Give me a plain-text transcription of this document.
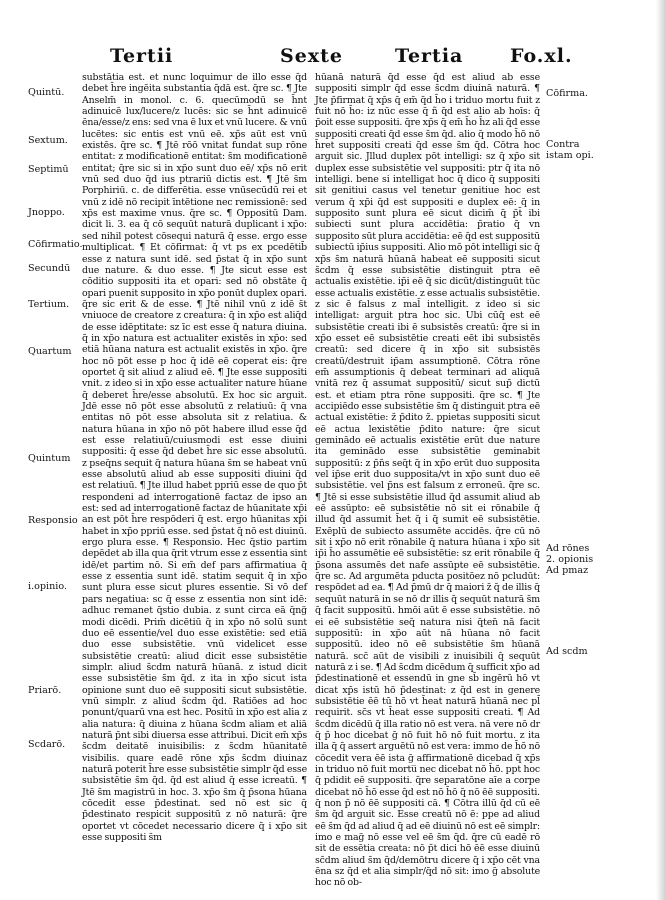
Tertii	Sexte	Tertia Fo.xl.
Quintū.
Sextum.
Septimū
Jnoppo.
Cōfirmatio.
Secundū
Tertium.
Quartum
Quintum
Responsio
i.opinio.
Priarō.
Scdarō.

substātia est. et nunc loquimur de illo esse q̄d debet h̄re ingēita substantia q̄dā est. q̄re sc. ¶ Jte Anselm̄ in monol. c. 6. quecūmodū se h̄nt adinuicē lux/lucere/z lucēs: sic se h̄nt adinuicē ēna/esse/z ens: sed vna ē lux et vnū lucere. & vnū lucētes: sic entis est vnū eē. xp̄s aūt est vnū existēs. q̄re sc. ¶ Jtē rōō vnitat fundat sup rōne entitat: z modificationē entitat: s̄m modificationē entitat; q̄re sic si in xp̄o sunt duo eē/ xp̄s nō erit vnū sed duo q̄d ius ptrariū dictis est. ¶ Jtē s̄m Porphiriū. c. de differētia. esse vnūsecūdū rei et vnū z idē nō recipit īntētione nec remissionē: sed xp̄s est maxime vnus. q̄re sc. ¶ Oppositū Dam. dicit li. 3. ea q̄ cō sequūt naturā duplicant i xp̄o: sed nihil potest cōsequi naturā q̄ esse. ergo esse multiplicat. ¶ Et cōfirmat: q̄ vt ps ex pcedētib̄ esse z natura sunt idē. sed p̄stat q̄ in xp̄o sunt due nature. & duo esse. ¶ Jte sicut esse est cōditio suppositi ita et opari: sed nō obstāte q̄ opari puenit supposito in xp̄o ponūt duplex opari. q̄re sic erit & de esse. ¶ Jtē nihil vnū z idē s̄t vniuoce de creatore z creatura: q̄ in xp̄o est aliq̄d de esse idēptitate: sz īc est esse q̄ natura diuina. q̄ in xp̄o natura est actualiter existēs in xp̄o: sed etiā hūana natura est actualit existēs in xp̄o. q̄re hoc nō pōt esse p hoc q̄ idē eē coperat eis: q̄re oportet q̄ sit aliud z aliud eē. ¶ Jte esse suppositi vnit. z ideo si in xp̄o esse actualiter nature hūane q̄ deberet h̄re/esse absolutū. Ex hoc sic arguit. Jdē esse nō pōt esse absolutū z relatiuū: q̄ vna entitas nō pōt esse absoluta sit z relatiua. & natura hūana in xp̄o nō pōt habere illud esse q̄d est esse relatiuū/cuiusmodi est esse diuini suppositi: q̄ esse q̄d debet h̄re sic esse absolutū. z pseq̄ns sequit q̄ natura hūana s̄m se habeat vnū esse absolutū aliud ab esse suppositi diuini q̄d est relatiuū. ¶ Jte illud habet ppriū esse de quo p̄t respondeni ad interrogationē factaz de ipso an est: sed ad interrogationē factaz de hūanitate xp̄i an est pōt h̄re respōderi q̄ est. ergo hūanitas xp̄i habet in xp̄o ppriū esse. sed p̄stat q̄ nō est diuinū. ergo plura esse. ¶ Responsio. Hec q̄stio partim depēdet ab illa qua q̄rit vtrum esse z essentia sint idē/et partim nō. Si em̄ def pars affirmatiua q̄ esse z essentia sunt idē. statim sequit q̄ in xp̄o sunt plura esse sicut plures essentie. Si vō def pars negatiua: sc q̄ esse z essentia non sint idē: adhuc remanet q̄stio dubia. z sunt circa eā q̄ng̃ modi dicēdi. Prim̄ dicētiū q̄ in xp̄o nō solū sunt duo eē essentie/vel duo esse existētie: sed etiā duo esse subsistētie. vnū videlicet esse subsistētie creatū: aliud dicit esse subsistētie simplr. aliud s̄cdm naturā hūanā. z istud dicit esse subsistētie s̄m q̄d. z ita in xp̄o sicut ista opinione sunt duo eē suppositi sicut subsistētie. vnū simplr. z aliud s̄cdm q̄d. Ratiōes ad hoc ponunt/quarū vna est hec. Positū in xp̄o est alia z alia natura: q̄ diuina z hūana s̄cdm aliam et aliā naturā p̄nt sibi diuersa esse attribui. Dicit em̄ xp̄s s̄cdm deitatē inuisibilis: z s̄cdm hūanitatē visibilis. quare eadē rōne xp̄s s̄cdm diuinaz naturā poterit h̄re esse subsistētie simplr q̄d esse subsistētie s̄m q̄d. q̄d est aliud q̄ esse icreatū. ¶ Jtē s̄m magistrū in hoc. 3. xp̄o s̄m q̄ p̄sona hūana cōcedit esse p̄destinat. sed nō est sic q̄ p̄destinato respicit suppositū z nō naturā: q̄re oportet vt cōcedet necessario dicere q̄ i xp̄o sit esse suppositi s̄m

hūanā naturā q̄d esse q̄d est aliud ab esse suppositi simplr q̄d esse s̄cdm diuinā naturā. ¶ Jte p̄firmat q̄ xp̄s q̄ em̄ q̄d h̄o i triduo mortu fuit z fuit nō h̄o: iz nūc esse q̄ ñ q̄d est alio ab hoīs: q̄ p̄oit esse suppositi. q̄re xp̄s q̄ em̄ h̄o h̄z ali q̄d esse suppositi creati q̄d esse s̄m q̄d. alio q̄ modo h̄ō nō h̄ret suppositi creati q̄d esse s̄m q̄d. Cōtra hoc arguit sic. Jllud duplex pōt intelligi: sz q̄ xp̄o sit duplex esse subsistētie vel suppositi: ptr q̄ ita nō intelligi. bene si intelligat hoc q̄ dico q̄ suppositi sit genitiui casus vel tenetur genitiue hoc est verum q̄ xp̄i q̄d est suppositi e duplex eē: q̄ in supposito sunt plura eē sicut dicim̄ q̄ p̄t̄ ibi subiecti sunt plura accidētia: p̄ratio q̄ vn supposito sūt plura accidētia: eē q̄d est suppositū subiectū ip̄ius suppositi. Alio mō pōt intelligi sic q̄ xp̄s s̄m naturā hūanā habeat eē suppositi sicut s̄cdm q̄ esse subsistētie distinguit ptra eē actualis existētie. ip̄i eē q̄ sic dicūt/distinguūt tūc esse actualis existētie. z esse actualis subsistētie. z sic ē falsus z mal̄ intelligit. z ideo si sic intelligat: arguit ptra hoc sic. Ubi cūq̄ est eē subsistētie creati ibi ē subsistēs creatū: q̄re si in xp̄o esset eē subsistētie creati eēt ibi subsistēs creatū: sed dicere q̄ in xp̄o sit subsistēs creatū/destruit ip̄am assumptionē. Cōtra rōne em̄ assumptionis q̄ debeat terminari ad aliquā vnitā rez q̄ assumat suppositū/ sicut sup̄ dictū est. et etiam ptra rōne suppositi. q̄re sc. ¶ Jte accipiēdo esse subsistētie s̄m q̄ distinguit ptra eē actual existētie: z̄ p̄dito z̄. ppietas suppositi sicut eē actua lexistētie p̄dito nature: q̄re sicut geminādo eē actualis existētie erūt due nature ita geminādo esse subsistētie geminabit suppositū: z p̄n̄s seq̄t q̄ in xp̄o erūt duo supposita vel ip̄se erit duo supposita/vt in xp̄o sunt duo eē subsistētie. vel p̄ns est falsum z erroneū. q̄re sc. ¶ Jtē si esse subsistētie illud q̄d assumit aliud ab eē assūpto: eē subsistētie nō sit ei rōnabile q̄ illud q̄d assumit h̄et q̄ i q̄ sumit eē subsistētie. Exēplū de subiecto assumēte accidēs. q̄re cū nō sit i xp̄o nō erit rōnabile q̄ natura hūana i xp̄o sit ip̄i h̄o assumētie eē subsistētie: sz erit rōnabile q̄ p̄sona assumēs det nafe assūpte eē subsistētie. q̄re sc. Ad argumēta pducta positōez nō pcludūt: respōdet ad ea. ¶ Ad p̄mū dr q̄ maiori z̄ q̄ de illis q̄ sequūt naturā in se nō dr illis q̄ sequūt naturā s̄m q̄ facit suppositū. hmōi aūt ē esse subsistētie. nō ei eē subsistētie seq̄ natura nisi q̄ten̄ nā facit suppositū: in xp̄o aūt nā hūana nō facit suppositū. ideo nō eē subsistētie s̄m hūanā naturā. scc̄ aūt de visibili z inuisibili q̄ sequūt naturā z i se. ¶ Ad s̄cdm dicēdum q̄ sufficit xp̄o ad p̄destinationē et essendū in gne sb̄ ingērū hō vt dicat xp̄s istū hō p̄destinat: z q̄d est in genere subsistētie ēē tū hō vt h̄eat naturā hūanā nec pl̄ requirit. sc̄s vt h̄eat esse suppositi creati. ¶ Ad s̄cdm dicēdū q̄ illa ratio nō est vera. nā vere nō dr q̄ p̄ hoc dicebat ḡ nō fuit hō nō fuit mortu. z ita illa q̄ q̄ assert arguētū nō est vera: immo de h̄ō nō cōcedit vera ēē ista ḡ affirmationē dicebad q̄ xp̄s in triduo nō fuit mortu̅ nec dicebat nō h̄ō. ppt hoc q̄ pdidit eē suppositi. q̄re separatōne aīe a corpe dicebat nō h̄ō esse q̄d est nō h̄ō q̄ nō ēē suppositi. q̄ non p̄ nō ēē suppositi cā. ¶ Cōtra illū q̄d cū eē s̄m q̄d arguit sic. Esse creatū nō ē: ppe ad aliud eē s̄m q̄d ad aliud q̄ ad eē diuinū nō est eē simplr: imo e mag̃ nō esse vel eē s̄m q̄d. q̄re cū eadē rō sit de essētia creata: nō p̄t dici hō ēē esse diuinū sc̄dm aliud s̄m q̄d/demōtru dicere q̄ i xp̄o cēt vna ēna sz q̄d et alia simplr/q̄d nō sit: imo ḡ absolute hoc nō ob-

Cōfirma.
Contra
istam opi.
Ad rōnes
2. opionis
Ad pmaz
Ad scdm
